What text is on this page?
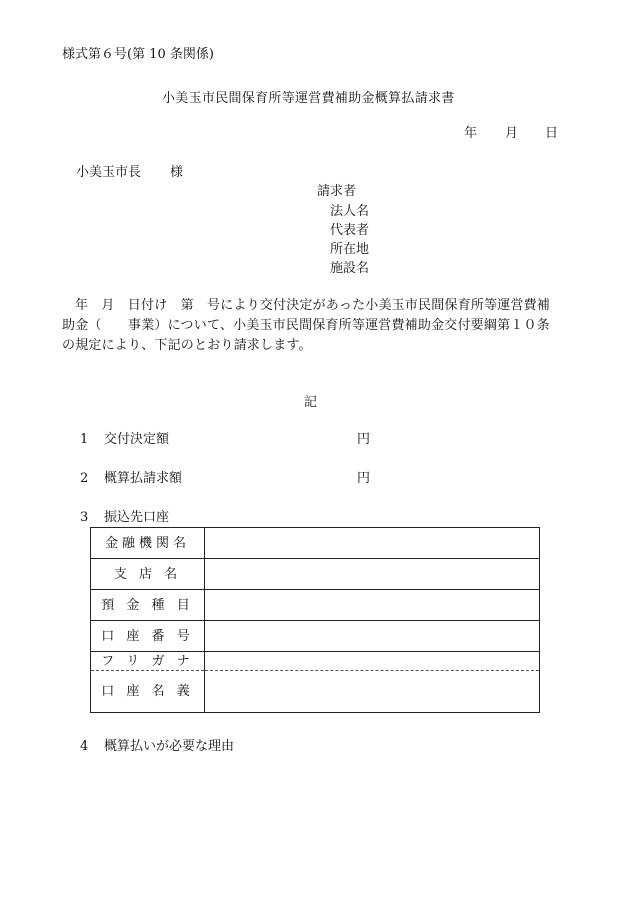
様式第６号(第 10 条関係)
小美玉市民間保育所等運営費補助金概算払請求書
年 月 日
小美玉市長 様
請求者
法人名
代表者
所在地
施設名

年　月　日付け　第　号により交付決定があった小美玉市民間保育所等運営費補

助金（　　事業）について、小美玉市民間保育所等運営費補助金交付要綱第１０条

の規定により、下記のとおり請求します。

記
1 交付決定額	円
2 概算払請求額	円
3 振込先口座
金融機関名	
支 店 名	
預 金 種 目	
口 座 番 号	
フ リ ガ ナ	
口 座 名 義	
4 概算払いが必要な理由
